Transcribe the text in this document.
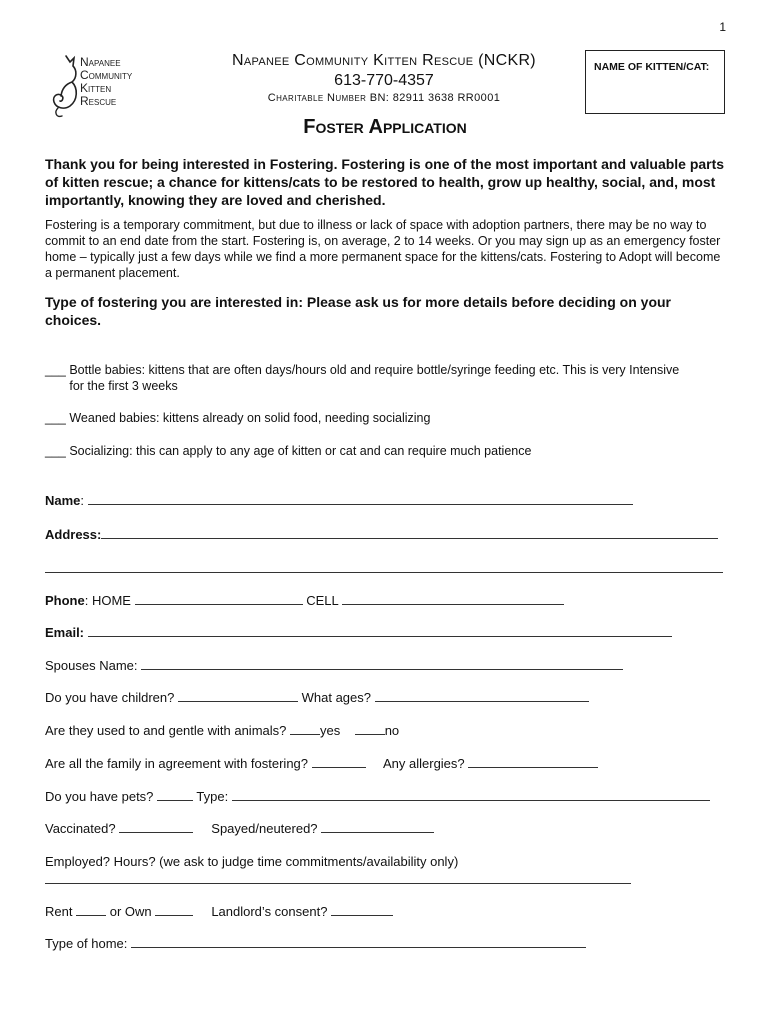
1
Napanee
Community
Kitten
Rescue
Napanee Community Kitten Rescue (NCKR)
613-770-4357
Charitable Number BN: 82911 3638 RR0001
NAME OF KITTEN/CAT:
Foster Application

Thank you for being interested in Fostering. Fostering is one of the most important and valuable parts of kitten rescue; a chance for kittens/cats to be restored to health, grow up healthy, social, and, most importantly, knowing they are loved and cherished.

Fostering is a temporary commitment, but due to illness or lack of space with adoption partners, there may be no way to commit to an end date from the start. Fostering is, on average, 2 to 14 weeks. Or you may sign up as an emergency foster home – typically just a few days while we find a more permanent space for the kittens/cats. Fostering to Adopt will become a permanent placement.

Type of fostering you are interested in: Please ask us for more details before deciding on your choices.

___ Bottle babies: kittens that are often days/hours old and require bottle/syringe feeding etc. This is very Intensive for the first 3 weeks
___ Weaned babies: kittens already on solid food, needing socializing
___ Socializing: this can apply to any age of kitten or cat and can require much patience
Name:
Address:
Phone: HOME	CELL
Email:
Spouses Name:
Do you have children?	What ages?
Are they used to and gentle with animals?	yes	no
Are all the family in agreement with fostering?	Any allergies?
Do you have pets?	Type:
Vaccinated?	Spayed/neutered?
Employed? Hours? (we ask to judge time commitments/availability only)
Rent	or Own	Landlord’s consent?
Type of home:
